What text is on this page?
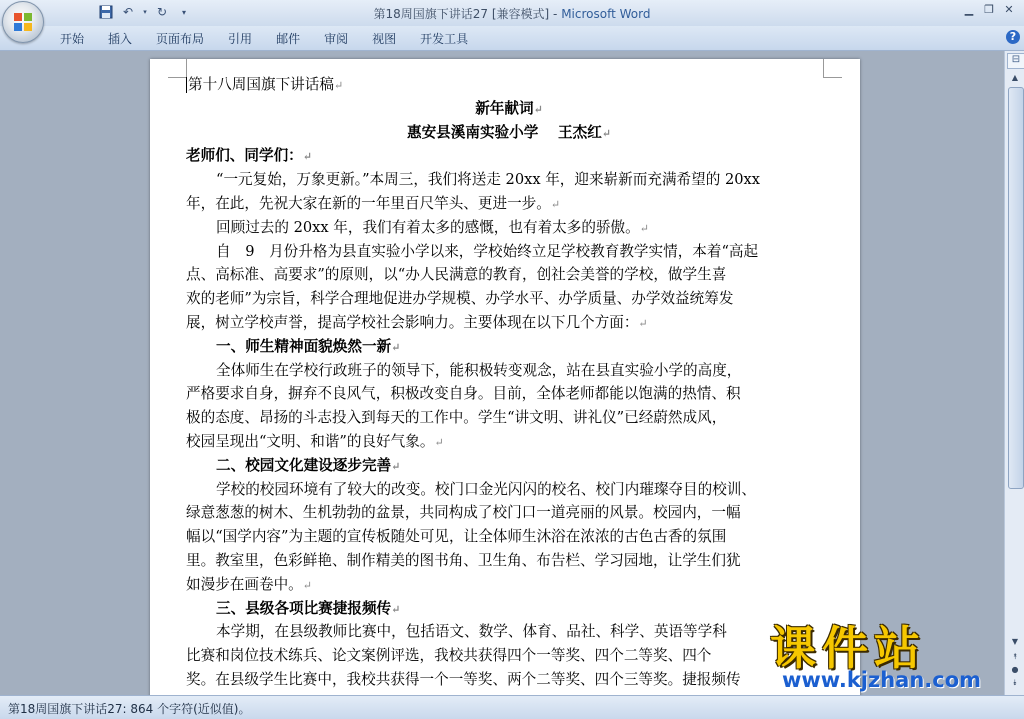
↶	▾ ↻	▾	第18周国旗下讲话27 [兼容模式] - Microsoft Word	▁ ❐ ✕
开始	插入	页面布局	引用	邮件	审阅	视图	开发工具	?
第十八周国旗下讲话稿↵
新年献词↵
惠安县溪南实验小学　 王杰红↵
老师们、同学们：↵
“一元复始，万象更新。”本周三，我们将送走 20xx 年，迎来崭新而充满希望的 20xx
年，在此，先祝大家在新的一年里百尺竿头、更进一步。↵
回顾过去的 20xx 年，我们有着太多的感慨，也有着太多的骄傲。↵
自　9　月份升格为县直实验小学以来，学校始终立足学校教育教学实情，本着“高起
点、高标准、高要求”的原则，以“办人民满意的教育，创社会美誉的学校，做学生喜
欢的老师”为宗旨，科学合理地促进办学规模、办学水平、办学质量、办学效益统筹发
展，树立学校声誉，提高学校社会影响力。主要体现在以下几个方面：↵
一、师生精神面貌焕然一新↵
全体师生在学校行政班子的领导下，能积极转变观念，站在县直实验小学的高度，
严格要求自身，摒弃不良风气，积极改变自身。目前，全体老师都能以饱满的热情、积
极的态度、昂扬的斗志投入到每天的工作中。学生“讲文明、讲礼仪”已经蔚然成风，
校园呈现出“文明、和谐”的良好气象。↵
二、校园文化建设逐步完善↵
学校的校园环境有了较大的改变。校门口金光闪闪的校名、校门内璀璨夺目的校训、
绿意葱葱的树木、生机勃勃的盆景，共同构成了校门口一道亮丽的风景。校园内，一幅
幅以“国学内容”为主题的宣传板随处可见，让全体师生沐浴在浓浓的古色古香的氛围
里。教室里，色彩鲜艳、制作精美的图书角、卫生角、布告栏、学习园地，让学生们犹
如漫步在画卷中。↵
三、县级各项比赛捷报频传↵
本学期，在县级教师比赛中，包括语文、数学、体育、品社、科学、英语等学科
比赛和岗位技术练兵、论文案例评选，我校共获得四个一等奖、四个二等奖、四个
奖。在县级学生比赛中，我校共获得一个一等奖、两个二等奖、四个三等奖。捷报频传
⊟
▲
▼
⯭
●
⯯
第18周国旗下讲话27: 864 个字符(近似值)。
课件站
www.kjzhan.com
